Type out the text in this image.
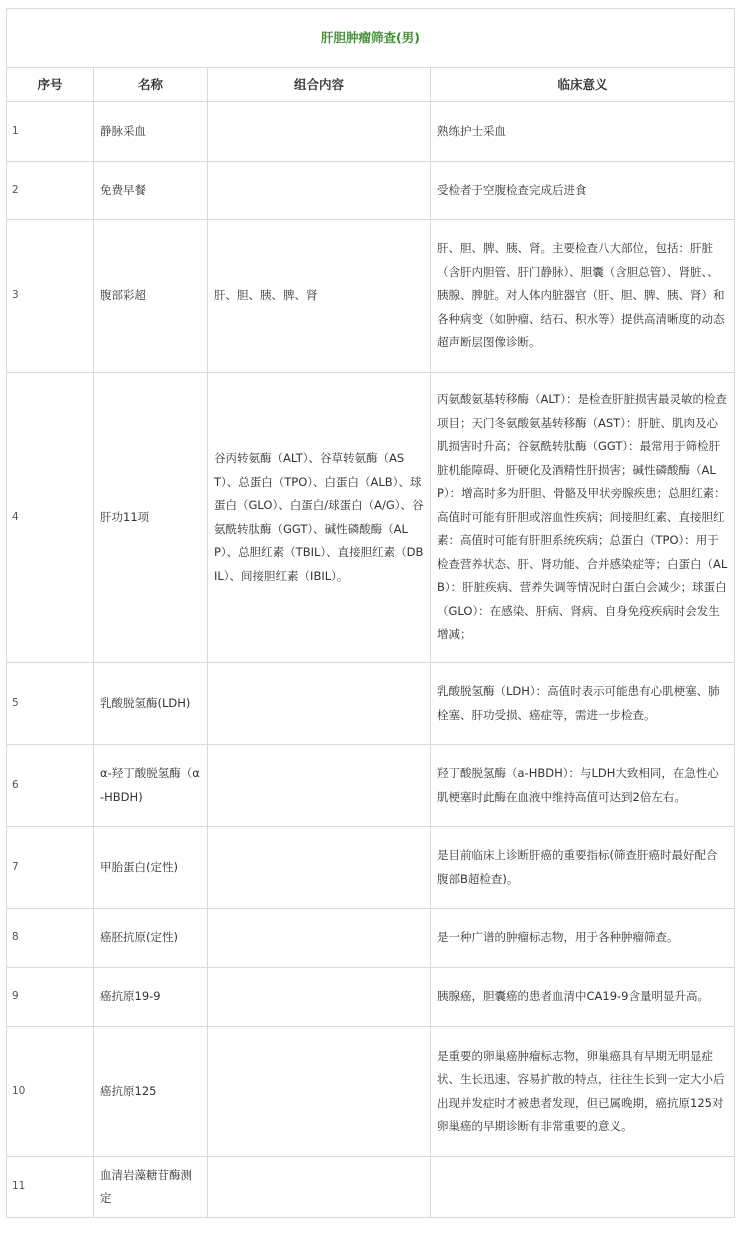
肝胆肿瘤筛查(男)			
序号	名称	组合内容	临床意义
1	静脉采血		熟练护士采血
2	免费早餐		受检者于空腹检查完成后进食
3	腹部彩超	肝、胆、胰、脾、肾	肝、胆、脾、胰、肾。主要检查八大部位，包括：肝脏（含肝内胆管、肝门静脉）、胆囊（含胆总管）、肾脏、、胰腺、脾脏。对人体内脏器官（肝、胆、脾、胰、肾）和各种病变（如肿瘤、结石、积水等）提供高清晰度的动态超声断层图像诊断。
4	肝功11项	谷丙转氨酶（ALT）、谷草转氨酶（AST）、总蛋白（TPO）、白蛋白（ALB）、球蛋白（GLO）、白蛋白/球蛋白（A/G）、谷氨酰转肽酶（GGT）、碱性磷酸酶（ALP）、总胆红素（TBIL）、直接胆红素（DBIL）、间接胆红素（IBIL）。	丙氨酸氨基转移酶（ALT）：是检查肝脏损害最灵敏的检查项目；天门冬氨酸氨基转移酶（AST）：肝脏、肌肉及心肌损害时升高；谷氨酰转肽酶（GGT）：最常用于筛检肝脏机能障碍、肝硬化及酒精性肝损害；碱性磷酸酶（ALP）：增高时多为肝胆、骨骼及甲状旁腺疾患；总胆红素：高值时可能有肝胆或溶血性疾病；间接胆红素、直接胆红素：高值时可能有肝胆系统疾病；总蛋白（TPO）：用于检查营养状态、肝、肾功能、合并感染症等；白蛋白（ALB）：肝脏疾病、营养失调等情况时白蛋白会减少；球蛋白（GLO）：在感染、肝病、肾病、自身免疫疾病时会发生增减；
5	乳酸脱氢酶(LDH)		乳酸脱氢酶（LDH）：高值时表示可能患有心肌梗塞、肺栓塞、肝功受损、癌症等，需进一步检查。
6	α-羟丁酸脱氢酶（α-HBDH)		羟丁酸脱氢酶（a-HBDH）：与LDH大致相同，在急性心肌梗塞时此酶在血液中维持高值可达到2倍左右。
7	甲胎蛋白(定性)		是目前临床上诊断肝癌的重要指标(筛查肝癌时最好配合腹部B超检查)。
8	癌胚抗原(定性)		是一种广谱的肿瘤标志物，用于各种肿瘤筛查。
9	癌抗原19-9		胰腺癌，胆囊癌的患者血清中CA19-9含量明显升高。
10	癌抗原125		是重要的卵巢癌肿瘤标志物，卵巢癌具有早期无明显症状、生长迅速、容易扩散的特点，往往生长到一定大小后出现并发症时才被患者发现，但已属晚期，癌抗原125对卵巢癌的早期诊断有非常重要的意义。
11	血清岩藻糖苷酶测定		
